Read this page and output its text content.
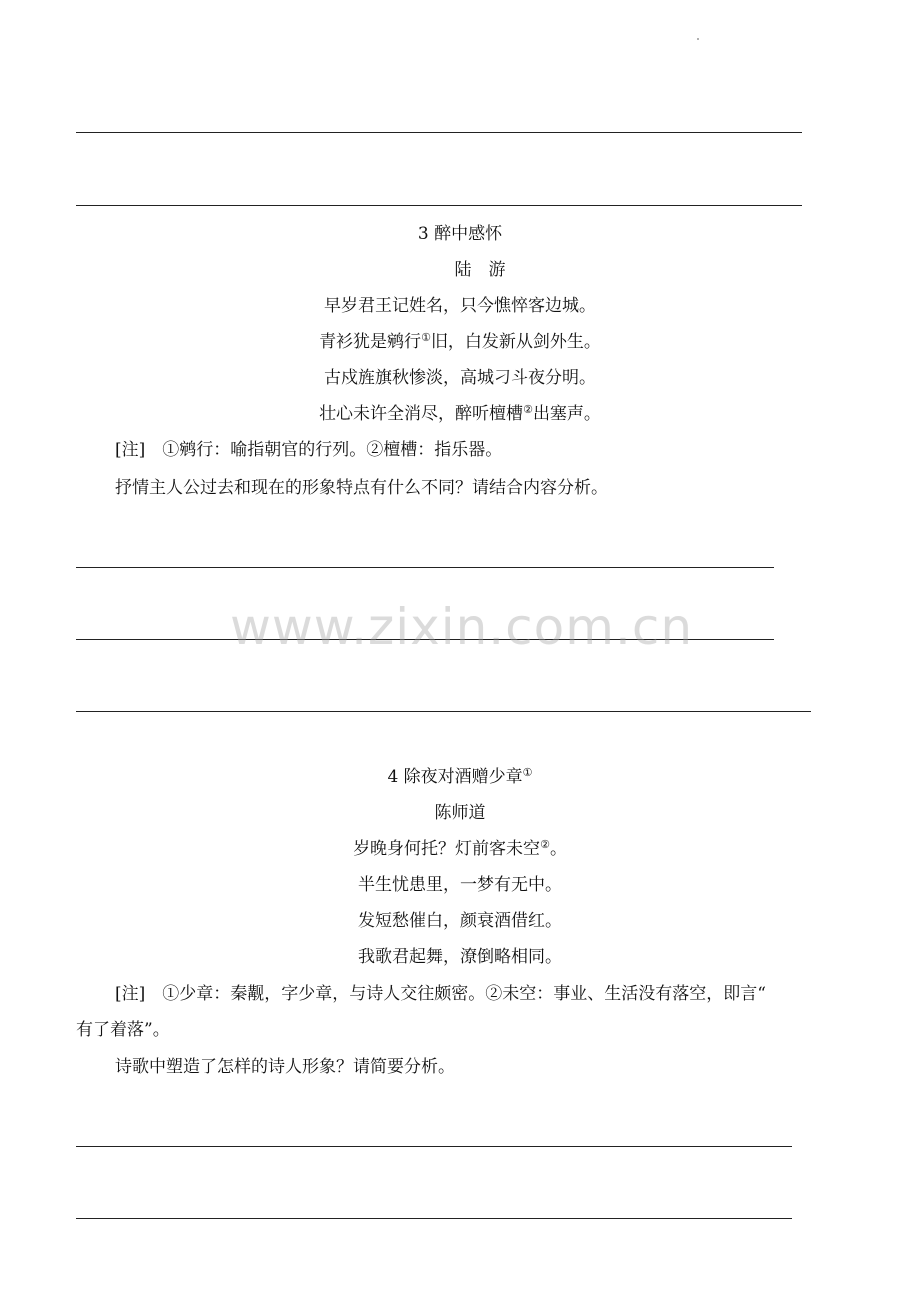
3 醉中感怀
陆　游
早岁君王记姓名，只今憔悴客边城。
青衫犹是鹓行①旧，白发新从剑外生。
古戍旌旗秋惨淡，高城刁斗夜分明。
壮心未许全消尽，醉听檀槽②出塞声。
[注]　①鹓行：喻指朝官的行列。②檀槽：指乐器。
抒情主人公过去和现在的形象特点有什么不同？请结合内容分析。
www.zixin.com.cn
4 除夜对酒赠少章①
陈师道
岁晚身何托？灯前客未空②。
半生忧患里，一梦有无中。
发短愁催白，颜衰酒借红。
我歌君起舞，潦倒略相同。
[注]　①少章：秦觏，字少章，与诗人交往颇密。②未空：事业、生活没有落空，即言“
有了着落”。
诗歌中塑造了怎样的诗人形象？请简要分析。
